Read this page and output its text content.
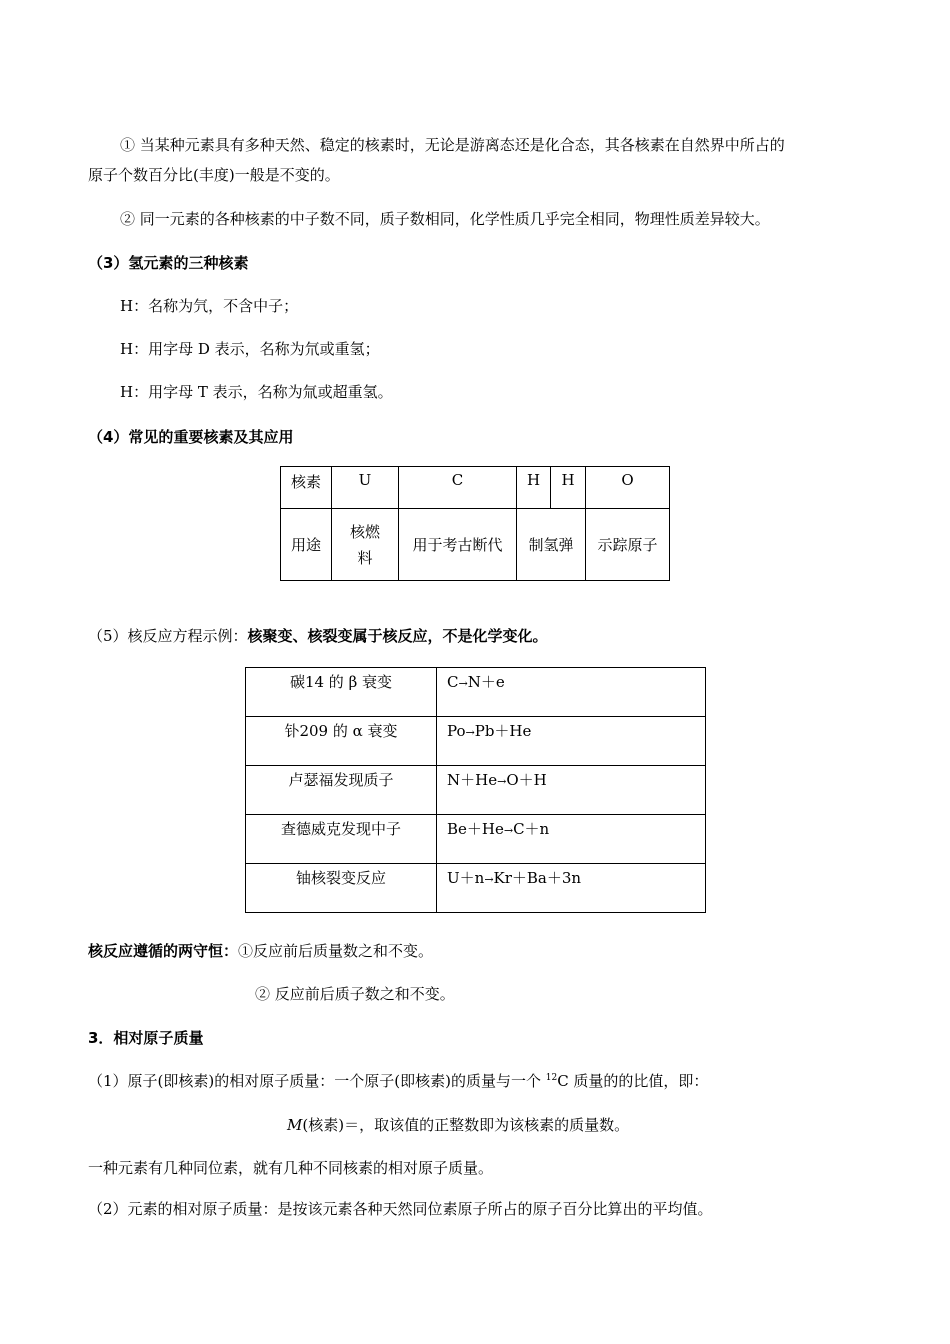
① 当某种元素具有多种天然、稳定的核素时，无论是游离态还是化合态，其各核素在自然界中所占的
原子个数百分比(丰度)一般是不变的。
② 同一元素的各种核素的中子数不同，质子数相同，化学性质几乎完全相同，物理性质差异较大。
（3）氢元素的三种核素
H：名称为氕，不含中子；
H：用字母 D 表示，名称为氘或重氢；
H：用字母 T 表示，名称为氚或超重氢。
（4）常见的重要核素及其应用
核素	U	C	H	H	O
用途	核燃料	用于考古断代	制氢弹		示踪原子
（5）核反应方程示例：核聚变、核裂变属于核反应，不是化学变化。
碳14 的 β 衰变	C→N＋e
钋209 的 α 衰变	Po→Pb＋He
卢瑟福发现质子	N＋He→O＋H
查德威克发现中子	Be＋He→C＋n
铀核裂变反应	U＋n→Kr＋Ba＋3n
核反应遵循的两守恒：①反应前后质量数之和不变。
② 反应前后质子数之和不变。
3．相对原子质量
（1）原子(即核素)的相对原子质量：一个原子(即核素)的质量与一个 $^{12}$C 质量的的比值，即：
M(核素)＝，取该值的正整数即为该核素的质量数。
一种元素有几种同位素，就有几种不同核素的相对原子质量。
（2）元素的相对原子质量：是按该元素各种天然同位素原子所占的原子百分比算出的平均值。
